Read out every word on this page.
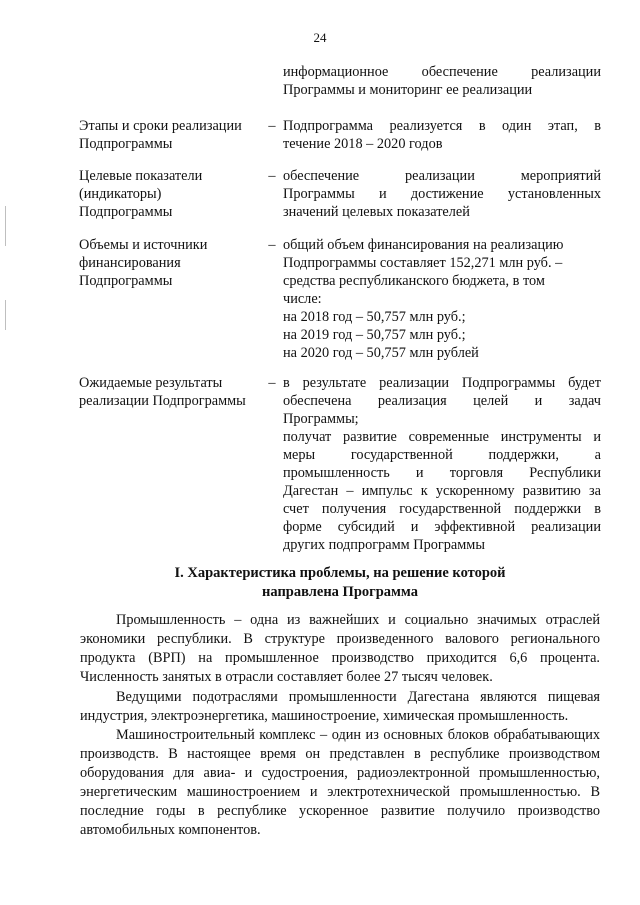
24
информационное обеспечение реализации
Программы и мониторинг ее реализации
Этапы и сроки реализации
Подпрограммы
– Подпрограмма реализуется в один этап, в
течение 2018 – 2020 годов
Целевые показатели
(индикаторы)
Подпрограммы
– обеспечение реализации мероприятий
Программы и достижение установленных
значений целевых показателей
Объемы и источники
финансирования
Подпрограммы
– общий объем финансирования на реализацию
Подпрограммы составляет 152,271 млн руб. –
средства республиканского бюджета, в том
числе:
на 2018 год – 50,757 млн руб.;
на 2019 год – 50,757 млн руб.;
на 2020 год – 50,757 млн рублей
Ожидаемые результаты
реализации Подпрограммы
– в результате реализации Подпрограммы будет
обеспечена реализация целей и задач
Программы;
получат развитие современные инструменты и
меры государственной поддержки, а
промышленность и торговля Республики
Дагестан – импульс к ускоренному развитию за
счет получения государственной поддержки в
форме субсидий и эффективной реализации
других подпрограмм Программы
I. Характеристика проблемы, на решение которой
направлена Программа
Промышленность – одна из важнейших и социально значимых отраслей экономики республики. В структуре произведенного валового регионального продукта (ВРП) на промышленное производство приходится 6,6 процента. Численность занятых в отрасли составляет более 27 тысяч человек.
Ведущими подотраслями промышленности Дагестана являются пищевая индустрия, электроэнергетика, машиностроение, химическая промышленность.
Машиностроительный комплекс – один из основных блоков обрабатывающих производств. В настоящее время он представлен в республике производством оборудования для авиа- и судостроения, радиоэлектронной промышленностью, энергетическим машиностроением и электротехнической промышленностью. В последние годы в республике ускоренное развитие получило производство автомобильных компонентов.
